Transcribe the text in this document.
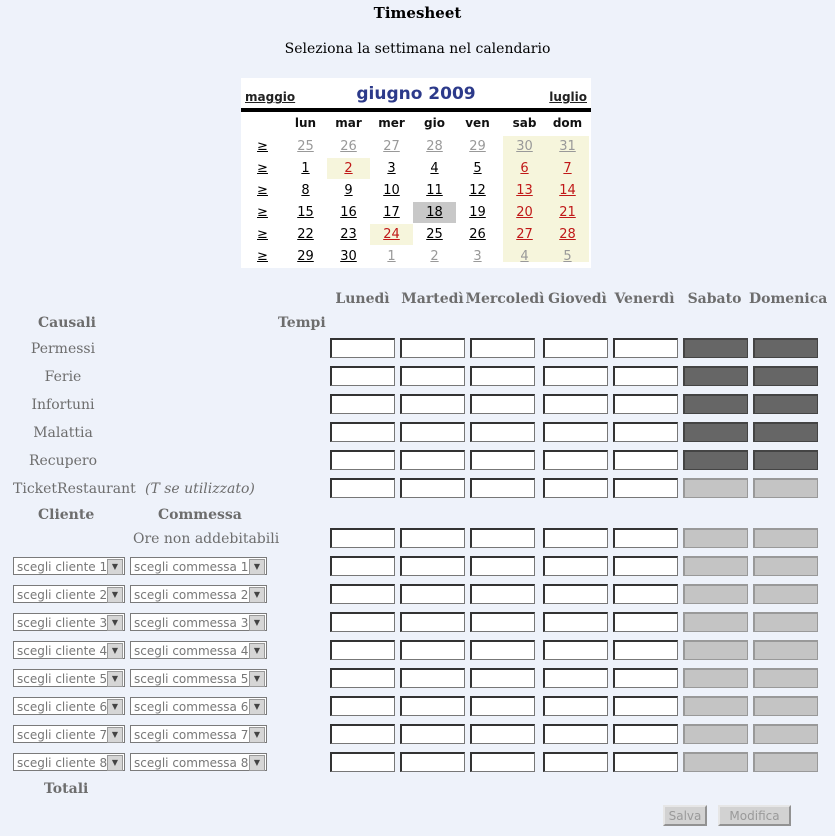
Timesheet
Seleziona la settimana nel calendario
maggio	giugno 2009	luglio
lun	mar	mer	gio	ven	sab	dom
≥	25	26	27	28	29	30	31
≥	1	2	3	4	5	6	7
≥	8	9	10	11	12	13	14
≥	15	16	17	18	19	20	21
≥	22	23	24	25	26	27	28
≥	29	30	1	2	3	4	5
Lunedì Martedì Mercoledì Giovedì Venerdì Sabato Domenica
Causali	Tempi
Permessi
Ferie
Infortuni
Malattia
Recupero
TicketRestaurant (T se utilizzato)
Cliente	Commessa
Ore non addebitabili
scegli cliente 1 ▼	scegli commessa 1 ▼
scegli cliente 2 ▼	scegli commessa 2 ▼
scegli cliente 3 ▼	scegli commessa 3 ▼
scegli cliente 4 ▼	scegli commessa 4 ▼
scegli cliente 5 ▼	scegli commessa 5 ▼
scegli cliente 6 ▼	scegli commessa 6 ▼
scegli cliente 7 ▼	scegli commessa 7 ▼
scegli cliente 8 ▼	scegli commessa 8 ▼
Totali
Salva	Modifica
